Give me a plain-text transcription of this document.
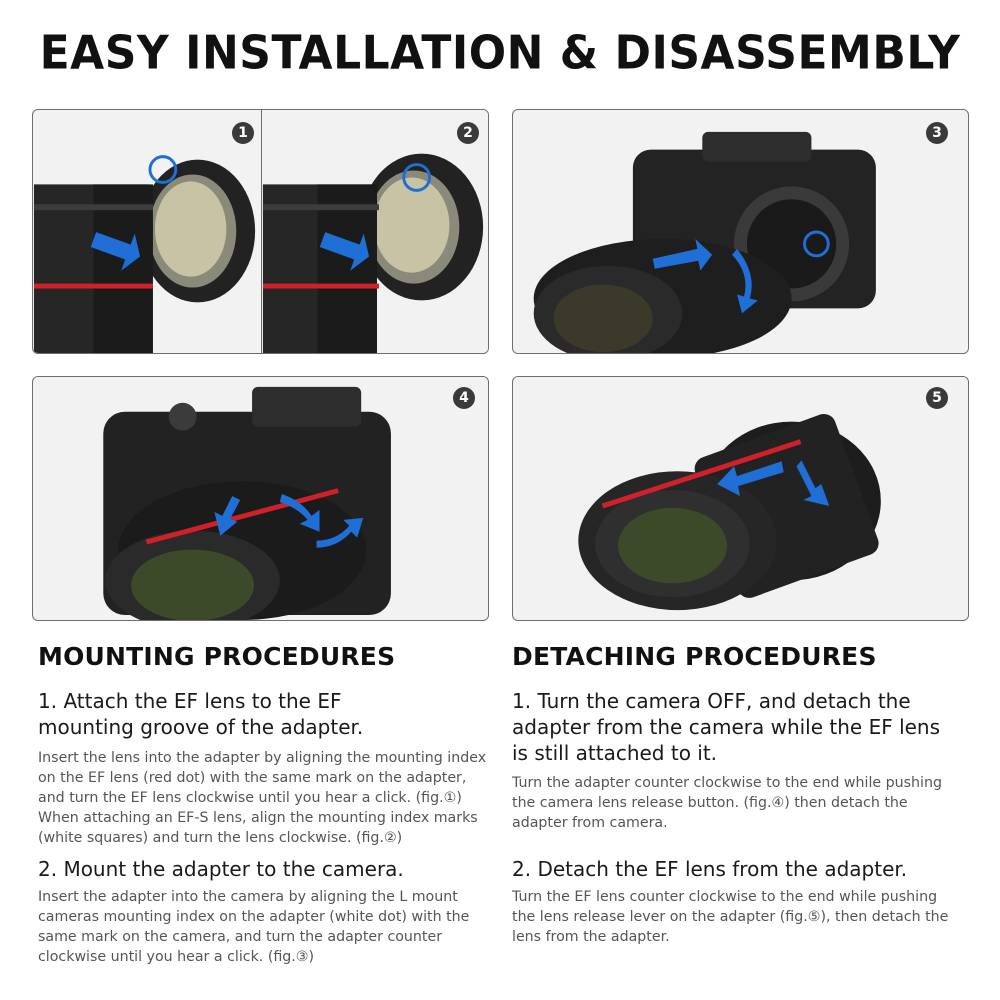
EASY INSTALLATION & DISASSEMBLY
1	2	3
4	5
MOUNTING PROCEDURES
1. Attach the EF lens to the EF mounting groove of the adapter.
Insert the lens into the adapter by aligning the mounting index on the EF lens (red dot) with the same mark on the adapter, and turn the EF lens clockwise until you hear a click. (fig.①) When attaching an EF-S lens, align the mounting index marks (white squares) and turn the lens clockwise. (fig.②)
2. Mount the adapter to the camera.
Insert the adapter into the camera by aligning the L mount cameras mounting index on the adapter (white dot) with the same mark on the camera, and turn the adapter counter clockwise until you hear a click. (fig.③)
DETACHING PROCEDURES
1. Turn the camera OFF, and detach the adapter from the camera while the EF lens is still attached to it.
Turn the adapter counter clockwise to the end while pushing the camera lens release button. (fig.④) then detach the adapter from camera.
2. Detach the EF lens from the adapter.
Turn the EF lens counter clockwise to the end while pushing the lens release lever on the adapter (fig.⑤), then detach the lens from the adapter.
